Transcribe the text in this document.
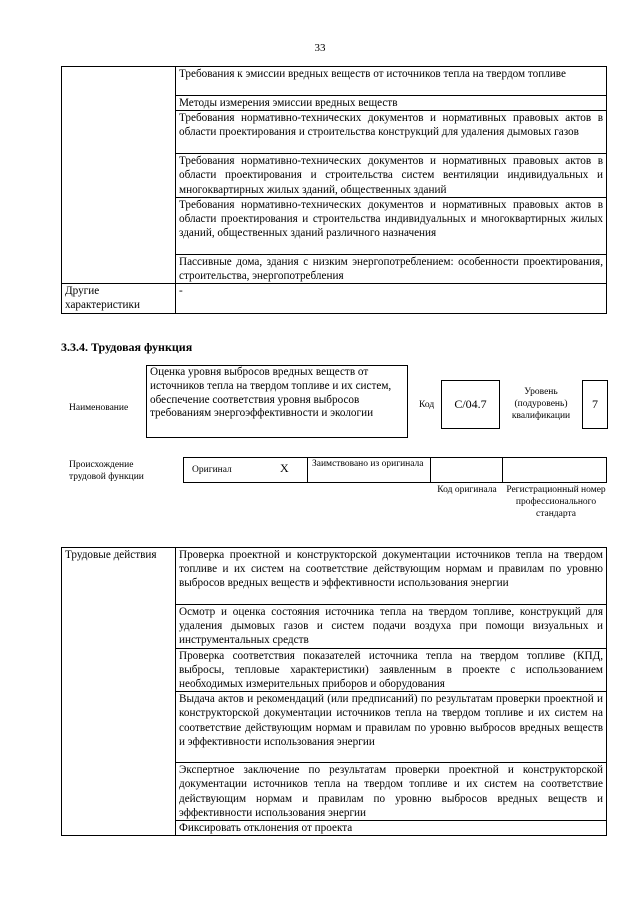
33
	Требования к эмиссии вредных веществ от источников тепла на твердом топливе
	Методы измерения эмиссии вредных веществ
	Требования нормативно-технических документов и нормативных правовых актов в области проектирования и строительства конструкций для удаления дымовых газов
	Требования нормативно-технических документов и нормативных правовых актов в области проектирования и строительства систем вентиляции индивидуальных и многоквартирных жилых зданий, общественных зданий
	Требования нормативно-технических документов и нормативных правовых актов в области проектирования и строительства индивидуальных и многоквартирных жилых зданий, общественных зданий различного назначения
	Пассивные дома, здания с низким энергопотреблением: особенности проектирования, строительства, энергопотребления
Другие характеристики	-
3.3.4. Трудовая функция
Наименование
Оценка уровня выбросов вредных веществ от источников тепла на твердом топливе и их систем, обеспечение соответствия уровня выбросов требованиям энергоэффективности и экологии
Код	C/04.7
Уровень (подуровень) квалификации
7
Происхождение трудовой функции
Оригинал	X Заимствовано из оригинала
Код оригинала Регистрационный номер профессионального стандарта
Трудовые действия	Проверка проектной и конструкторской документации источников тепла на твердом топливе и их систем на соответствие действующим нормам и правилам по уровню выбросов вредных веществ и эффективности использования энергии
Осмотр и оценка состояния источника тепла на твердом топливе, конструкций для удаления дымовых газов и систем подачи воздуха при помощи визуальных и инструментальных средств
Проверка соответствия показателей источника тепла на твердом топливе (КПД, выбросы, тепловые характеристики) заявленным в проекте с использованием необходимых измерительных приборов и оборудования
Выдача актов и рекомендаций (или предписаний) по результатам проверки проектной и конструкторской документации источников тепла на твердом топливе и их систем на соответствие действующим нормам и правилам по уровню выбросов вредных веществ и эффективности использования энергии
Экспертное заключение по результатам проверки проектной и конструкторской документации источников тепла на твердом топливе и их систем на соответствие действующим нормам и правилам по уровню выбросов вредных веществ и эффективности использования энергии
Фиксировать отклонения от проекта
